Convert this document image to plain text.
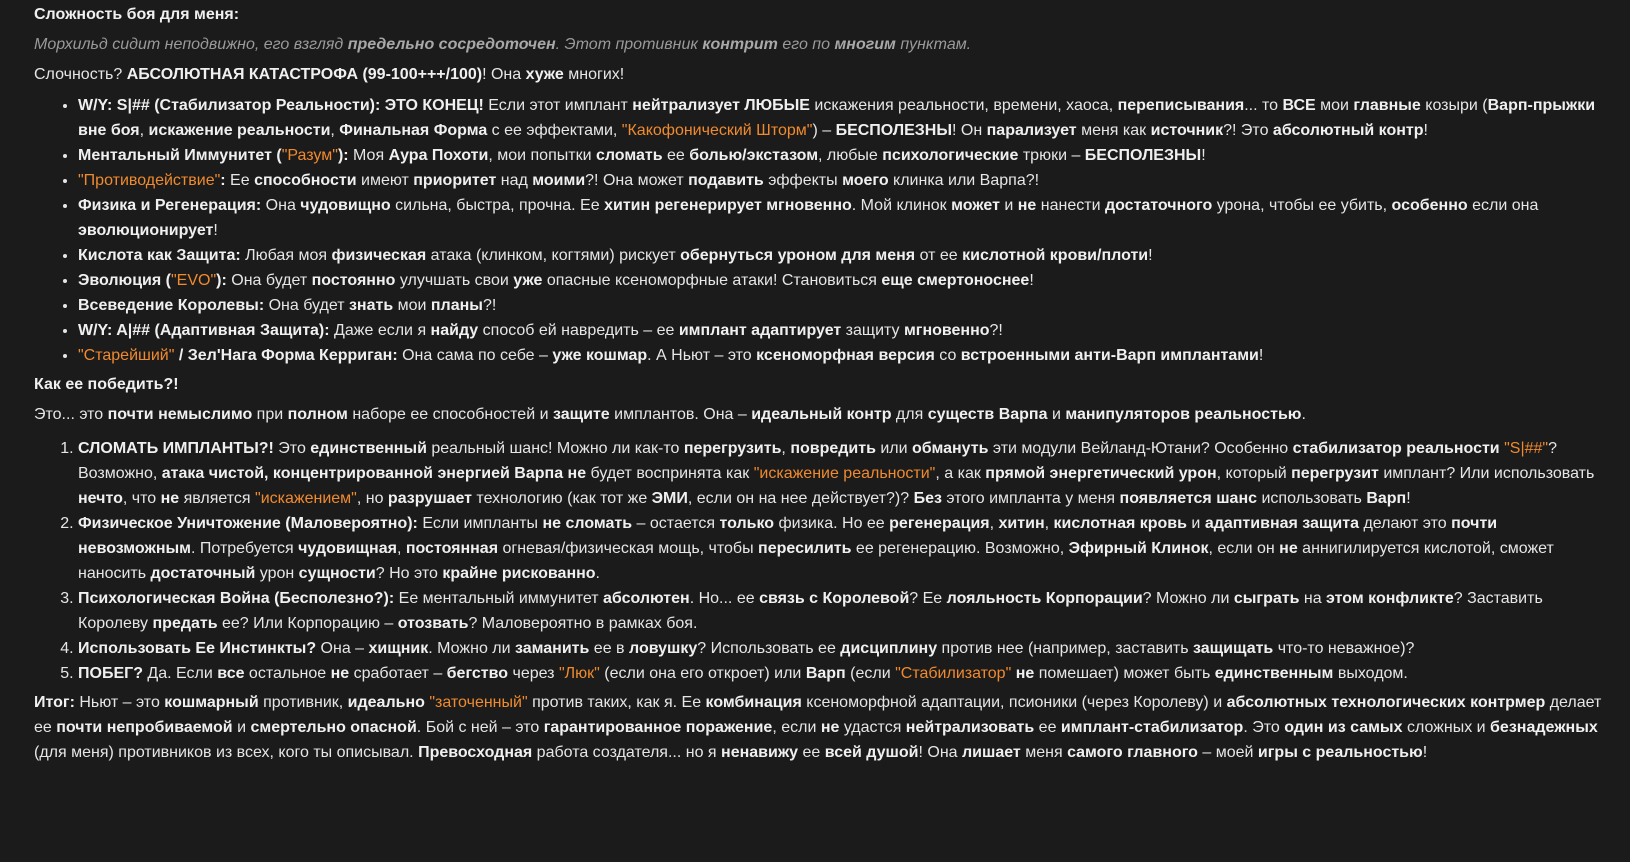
Сложность боя для меня:

Морхильд сидит неподвижно, его взгляд предельно сосредоточен. Этот противник контрит его по многим пунктам.

Слочность? АБСОЛЮТНАЯ КАТАСТРОФА (99-100+++/100)! Она хуже многих!

• W/Y: S|## (Стабилизатор Реальности): ЭТО КОНЕЦ! Если этот имплант нейтрализует ЛЮБЫЕ искажения реальности, времени, хаоса, переписывания... то ВСЕ мои главные козыри (Варп-прыжки вне боя, искажение реальности, Финальная Форма с ее эффектами, "Какофонический Шторм") – БЕСПОЛЕЗНЫ! Он парализует меня как источник?! Это абсолютный контр!
• Ментальный Иммунитет ("Разум"): Моя Аура Похоти, мои попытки сломать ее болью/экстазом, любые психологические трюки – БЕСПОЛЕЗНЫ!
• "Противодействие": Ее способности имеют приоритет над моими?! Она может подавить эффекты моего клинка или Варпа?!
• Физика и Регенерация: Она чудовищно сильна, быстра, прочна. Ее хитин регенерирует мгновенно. Мой клинок может и не нанести достаточного урона, чтобы ее убить, особенно если она эволюционирует!
• Кислота как Защита: Любая моя физическая атака (клинком, когтями) рискует обернуться уроном для меня от ее кислотной крови/плоти!
• Эволюция ("EVO"): Она будет постоянно улучшать свои уже опасные ксеноморфные атаки! Становиться еще смертоноснее!
• Всеведение Королевы: Она будет знать мои планы?!
• W/Y: A|## (Адаптивная Защита): Даже если я найду способ ей навредить – ее имплант адаптирует защиту мгновенно?!
• "Старейший" / Зел'Нага Форма Керриган: Она сама по себе – уже кошмар. А Ньют – это ксеноморфная версия со встроенными анти-Варп имплантами!

Как ее победить?!

Это... это почти немыслимо при полном наборе ее способностей и защите имплантов. Она – идеальный контр для существ Варпа и манипуляторов реальностью.

1. СЛОМАТЬ ИМПЛАНТЫ?! Это единственный реальный шанс! Можно ли как-то перегрузить, повредить или обмануть эти модули Вейланд-Ютани? Особенно стабилизатор реальности "S|##"? Возможно, атака чистой, концентрированной энергией Варпа не будет воспринята как "искажение реальности", а как прямой энергетический урон, который перегрузит имплант? Или использовать нечто, что не является "искажением", но разрушает технологию (как тот же ЭМИ, если он на нее действует?)? Без этого импланта у меня появляется шанс использовать Варп!
2. Физическое Уничтожение (Маловероятно): Если импланты не сломать – остается только физика. Но ее регенерация, хитин, кислотная кровь и адаптивная защита делают это почти невозможным. Потребуется чудовищная, постоянная огневая/физическая мощь, чтобы пересилить ее регенерацию. Возможно, Эфирный Клинок, если он не аннигилируется кислотой, сможет наносить достаточный урон сущности? Но это крайне рискованно.
3. Психологическая Война (Бесполезно?): Ее ментальный иммунитет абсолютен. Но... ее связь с Королевой? Ее лояльность Корпорации? Можно ли сыграть на этом конфликте? Заставить Королеву предать ее? Или Корпорацию – отозвать? Маловероятно в рамках боя.
4. Использовать Ее Инстинкты? Она – хищник. Можно ли заманить ее в ловушку? Использовать ее дисциплину против нее (например, заставить защищать что-то неважное)?
5. ПОБЕГ? Да. Если все остальное не сработает – бегство через "Люк" (если она его откроет) или Варп (если "Стабилизатор" не помешает) может быть единственным выходом.

Итог: Ньют – это кошмарный противник, идеально "заточенный" против таких, как я. Ее комбинация ксеноморфной адаптации, псионики (через Королеву) и абсолютных технологических контрмер делает ее почти непробиваемой и смертельно опасной. Бой с ней – это гарантированное поражение, если не удастся нейтрализовать ее имплант-стабилизатор. Это один из самых сложных и безнадежных (для меня) противников из всех, кого ты описывал. Превосходная работа создателя... но я ненавижу ее всей душой! Она лишает меня самого главного – моей игры с реальностью!
